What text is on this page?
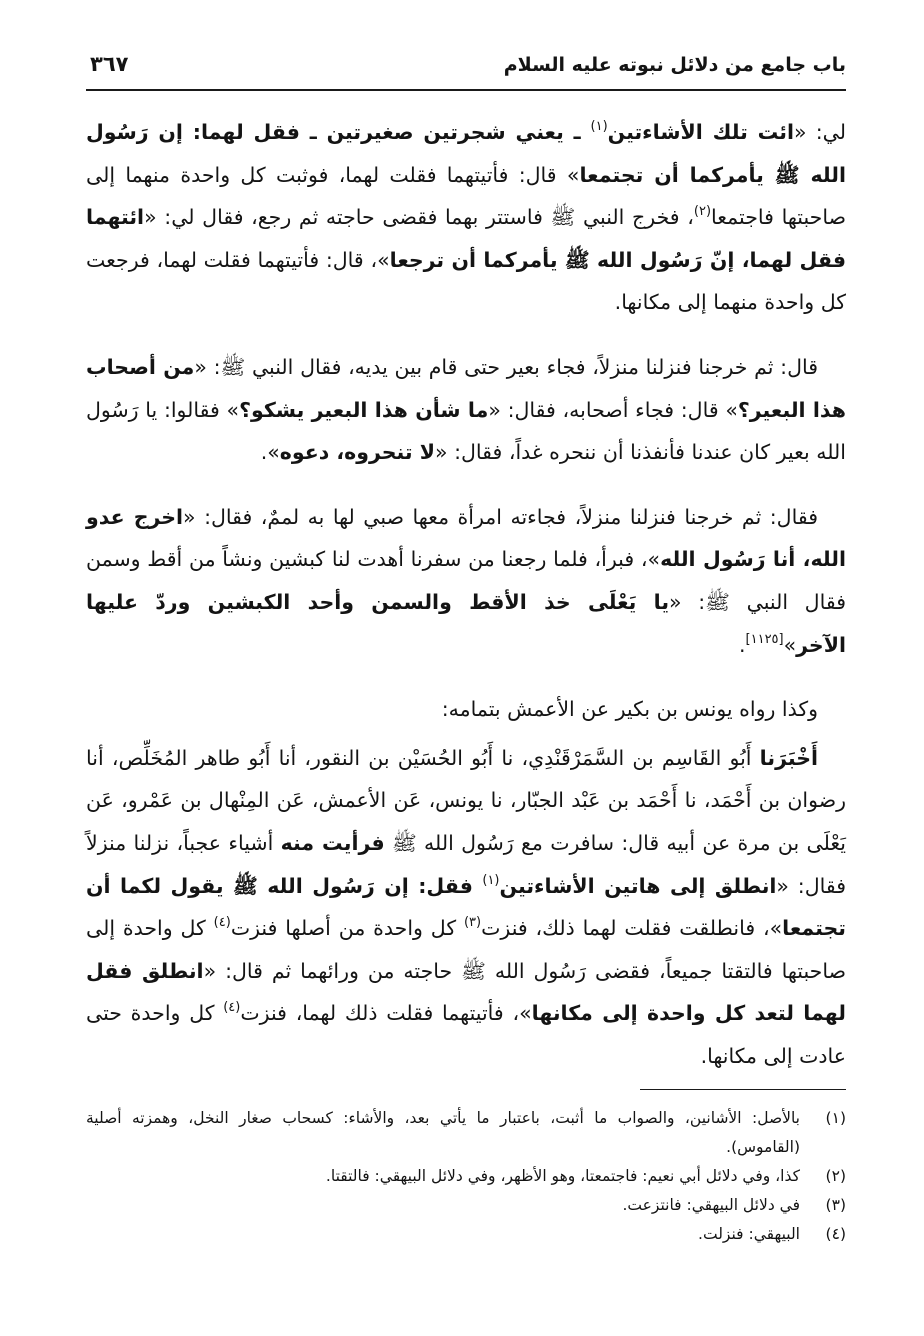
باب جامع من دلائل نبوته عليه السلام
٣٦٧

لي: «ائت تلك الأشاءتين$^{(١)}$ ـ يعني شجرتين صغيرتين ـ فقل لهما: إن رَسُول الله ﷺ يأمركما أن تجتمعا» قال: فأتيتهما فقلت لهما، فوثبت كل واحدة منهما إلى صاحبتها فاجتمعا$^{(٢)}$، فخرج النبي ﷺ فاستتر بهما فقضى حاجته ثم رجع، فقال لي: «ائتهما فقل لهما، إنّ رَسُول الله ﷺ يأمركما أن ترجعا»، قال: فأتيتهما فقلت لهما، فرجعت كل واحدة منهما إلى مكانها.

قال: ثم خرجنا فنزلنا منزلاً، فجاء بعير حتى قام بين يديه، فقال النبي ﷺ: «من أصحاب هذا البعير؟» قال: فجاء أصحابه، فقال: «ما شأن هذا البعير يشكو؟» فقالوا: يا رَسُول الله بعير كان عندنا فأنفذنا أن ننحره غداً، فقال: «لا تنحروه، دعوه».

فقال: ثم خرجنا فنزلنا منزلاً، فجاءته امرأة معها صبي لها به لممٌ، فقال: «اخرج عدو الله، أنا رَسُول الله»، فبرأ، فلما رجعنا من سفرنا أهدت لنا كبشين ونشاً من أقط وسمن فقال النبي ﷺ: «يا يَعْلَى خذ الأقط والسمن وأحد الكبشين وردّ عليها الآخر»[١١٢٥].

وكذا رواه يونس بن بكير عن الأعمش بتمامه:

أَخْبَرَنا أَبُو القَاسِم بن السَّمَرْقَنْدِي، نا أَبُو الحُسَيْن بن النقور، أنا أَبُو طاهر المُخَلِّص، أنا رضوان بن أَحْمَد، نا أَحْمَد بن عَبْد الجبّار، نا يونس، عَن الأعمش، عَن المِنْهال بن عَمْرو، عَن يَعْلَى بن مرة عن أبيه قال: سافرت مع رَسُول الله ﷺ فرأيت منه أشياء عجباً، نزلنا منزلاً فقال: «انطلق إلى هاتين الأشاءتين$^{(١)}$ فقل: إن رَسُول الله ﷺ يقول لكما أن تجتمعا»، فانطلقت فقلت لهما ذلك، فنزت$^{(٣)}$ كل واحدة من أصلها فنزت$^{(٤)}$ كل واحدة إلى صاحبتها فالتقتا جميعاً، فقضى رَسُول الله ﷺ حاجته من ورائهما ثم قال: «انطلق فقل لهما لتعد كل واحدة إلى مكانها»، فأتيتهما فقلت ذلك لهما، فنزت$^{(٤)}$ كل واحدة حتى عادت إلى مكانها.

(١)
بالأصل: الأشانين، والصواب ما أثبت، باعتبار ما يأتي بعد، والأشاء: كسحاب صغار النخل، وهمزته أصلية (القاموس).
(٢)
كذا، وفي دلائل أبي نعيم: فاجتمعتا، وهو الأظهر، وفي دلائل البيهقي: فالتقتا.
(٣)
في دلائل البيهقي: فانتزعت.
(٤)
البيهقي: فنزلت.
